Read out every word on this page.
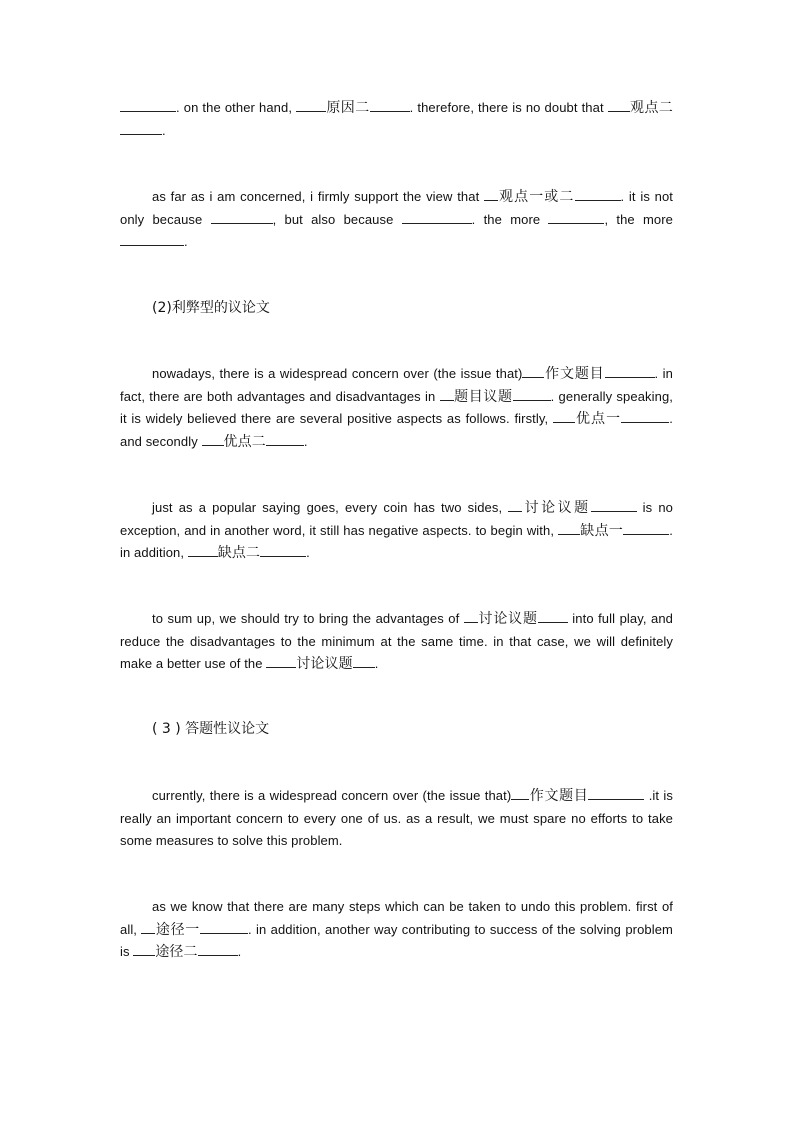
. on the other hand, 原因二	. therefore, there is no doubt that 观点二.
as far as i am concerned, i firmly support the view that 观点一或二	. it is not only because	, but also because	. the more	, the more .
(2)利弊型的议论文
nowadays, there is a widespread concern over (the issue that) 作文题目	. in fact, there are both advantages and disadvantages in 题目议题	. generally speaking, it is widely believed there are several positive aspects as follows. firstly, 优点一	. and secondly 优点二	.
just as a popular saying goes, every coin has two sides, 讨论议题	is no exception, and in another word, it still has negative aspects. to begin with, 缺点一	. in addition, 缺点二	.
to sum up, we should try to bring the advantages of 讨论议题 into full play, and reduce the disadvantages to the minimum at the same time. in that case, we will definitely make a better use of the 讨论议题 .
( 3 ) 答题性议论文
currently, there is a widespread concern over (the issue that) 作文题目	.it is really an important concern to every one of us. as a result, we must spare no efforts to take some measures to solve this problem.
as we know that there are many steps which can be taken to undo this problem. first of all, 途径一	. in addition, another way contributing to success of the solving problem is 途径二	.
